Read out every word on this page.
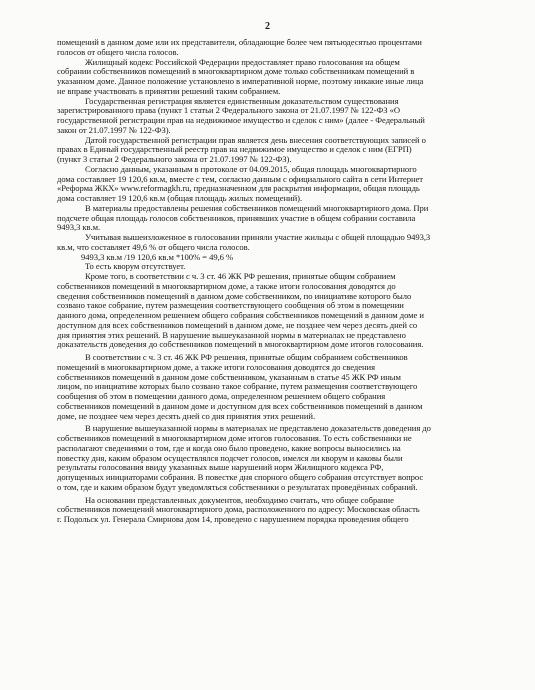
2
помещений в данном доме или их представители, обладающие более чем пятьюдесятью процентами
голосов от общего числа голосов.
Жилищный кодекс Российской Федерации предоставляет право голосования на общем
собрании собственников помещений в многоквартирном доме только собственникам помещений в
указанном доме. Данное положение установлено в императивной норме, поэтому никакие иные лица
не вправе участвовать в принятии решений таким собранием.
Государственная регистрация является единственным доказательством существования
зарегистрированного права (пункт 1 статьи 2 Федерального закона от 21.07.1997 № 122-ФЗ «О
государственной регистрации прав на недвижимое имущество и сделок с ним» (далее - Федеральный
закон от 21.07.1997 № 122-ФЗ).
Датой государственной регистрации прав является день внесения соответствующих записей о
правах в Единый государственный реестр прав на недвижимое имущество и сделок с ним (ЕГРП)
(пункт 3 статьи 2 Федерального закона от 21.07.1997 № 122-ФЗ).
Согласно данным, указанным в протоколе от 04.09.2015, общая площадь многоквартирного
дома составляет 19 120,6 кв.м, вместе с тем, согласно данным с официального сайта в сети Интернет
«Реформа ЖКХ» www.reformagkh.ru, предназначенном для раскрытия информации, общая площадь
дома составляет 19 120,6 кв.м (общая площадь жилых помещений).
В материалы предоставлены решения собственников помещений многоквартирного дома. При
подсчете общая площадь голосов собственников, принявших участие в общем собрании составила
9493,3 кв.м.
Учитывая вышеизложенное в голосовании приняли участие жильцы с общей площадью 9493,3
кв.м, что составляет 49,6 % от общего числа голосов.
9493,3 кв.м /19 120,6 кв.м *100% = 49,6 %
То есть кворум отсутствует.
Кроме того, в соответствии с ч. 3 ст. 46 ЖК РФ решения, принятые общим собранием
собственников помещений в многоквартирном доме, а также итоги голосования доводятся до
сведения собственников помещений в данном доме собственником, по инициативе которого было
созвано такое собрание, путем размещения соответствующего сообщения об этом в помещении
данного дома, определенном решением общего собрания собственников помещений в данном доме и
доступном для всех собственников помещений в данном доме, не позднее чем через десять дней со
дня принятия этих решений. В нарушение вышеуказанной нормы в материалах не представлено
доказательств доведения до собственников помещений в многоквартирном доме итогов голосования.
В соответствии с ч. 3 ст. 46 ЖК РФ решения, принятые общим собранием собственников
помещений в многоквартирном доме, а также итоги голосования доводятся до сведения
собственников помещений в данном доме собственником, указанным в статье 45 ЖК РФ иным
лицом, по инициативе которых было созвано такое собрание, путем размещения соответствующего
сообщения об этом в помещении данного дома, определенном решением общего собрания
собственников помещений в данном доме и доступном для всех собственников помещений в данном
доме, не позднее чем через десять дней со дня принятия этих решений.
В нарушение вышеуказанной нормы в материалах не представлено доказательств доведения до
собственников помещений в многоквартирном доме итогов голосования. То есть собственники не
располагают сведениями о том, где и когда оно было проведено, какие вопросы выносились на
повестку дня, каким образом осуществлялся подсчет голосов, имелся ли кворум и каковы были
результаты голосования ввиду указанных выше нарушений норм Жилищного кодекса РФ,
допущенных инициаторами собрания. В повестке дня спорного общего собрания отсутствует вопрос
о том, где и каким образом будут уведомляться собственники о результатах проведённых собраний.
На основании представленных документов, необходимо считать, что общее собрание
собственников помещений многоквартирного дома, расположенного по адресу: Московская область
г. Подольск ул. Генерала Смирнова дом 14, проведено с нарушением порядка проведения общего
